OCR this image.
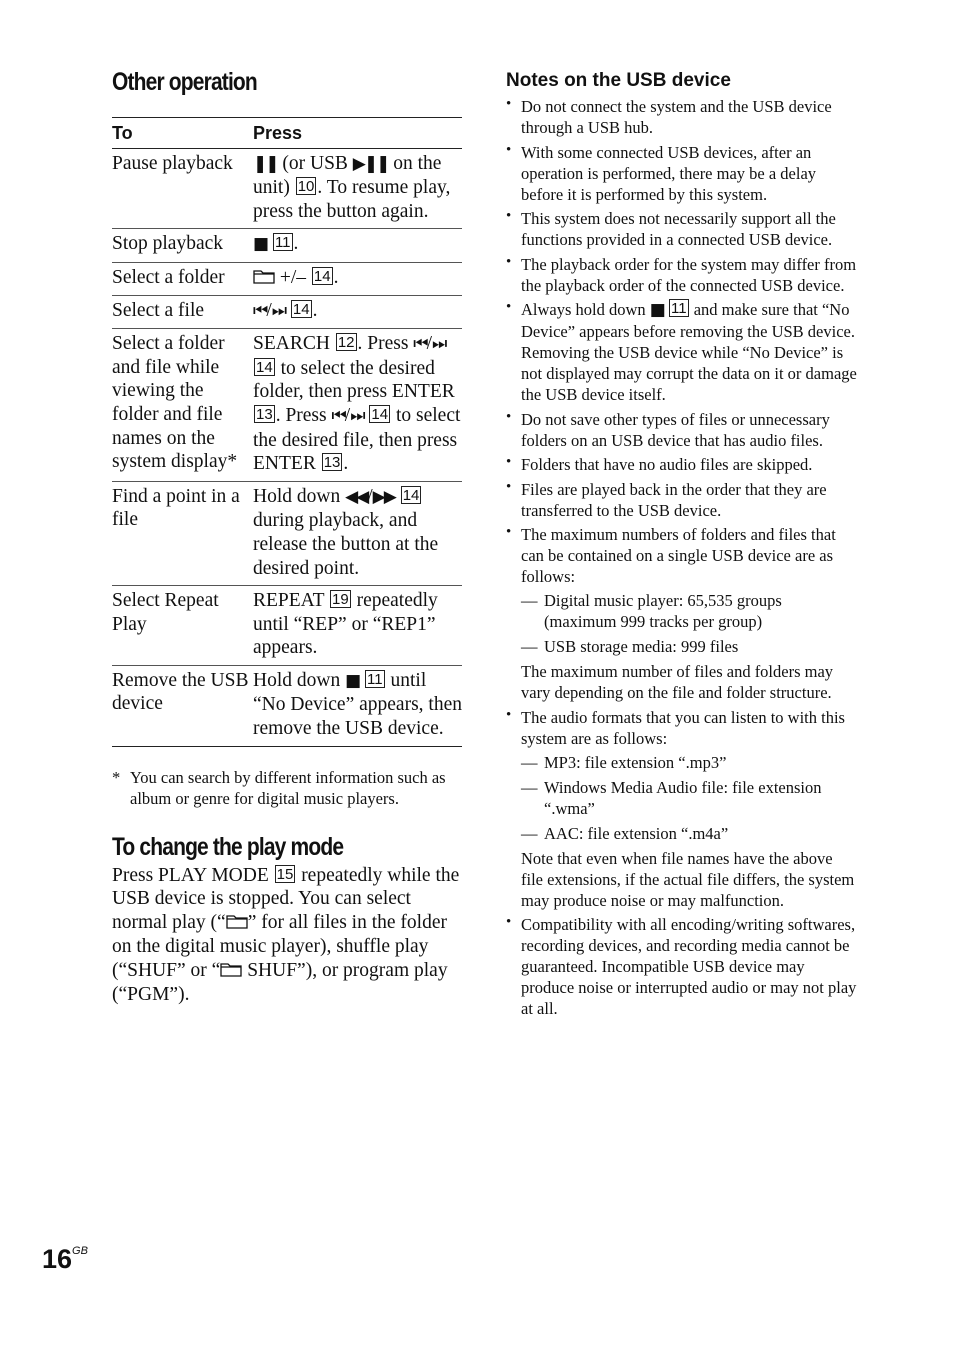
Other operation
To	Press
Pause playback	❚❚ (or USB ▶❚❚ on the unit) 10 . To resume play, press the button again.
Stop playback	■ 11 .
Select a folder	+/– 14 .
Select a file	⏮/⏭ 14 .
Select a folder and file while viewing the folder and file names on the system display*	SEARCH 12 . Press ⏮/⏭ 14 to select the desired folder, then press ENTER 13 . Press ⏮/⏭ 14 to select the desired file, then press ENTER 13 .
Find a point in a file	Hold down ◀◀/▶▶ 14 during playback, and release the button at the desired point.
Select Repeat Play	REPEAT 19 repeatedly until “REP” or “REP1” appears.
Remove the USB device	Hold down ■ 11 until “No Device” appears, then remove the USB device.
* You can search by different information such as album or genre for digital music players.
To change the play mode
Press PLAY MODE 15 repeatedly while the USB device is stopped. You can select normal play (“ ” for all files in the folder on the digital music player), shuffle play (“SHUF” or “ SHUF”), or program play (“PGM”).
Notes on the USB device
• Do not connect the system and the USB device through a USB hub.
• With some connected USB devices, after an operation is performed, there may be a delay before it is performed by this system.
• This system does not necessarily support all the functions provided in a connected USB device.
• The playback order for the system may differ from the playback order of the connected USB device.
• Always hold down ■ 11 and make sure that “No Device” appears before removing the USB device. Removing the USB device while “No Device” is not displayed may corrupt the data on it or damage the USB device itself.
• Do not save other types of files or unnecessary folders on an USB device that has audio files.
• Folders that have no audio files are skipped.
• Files are played back in the order that they are transferred to the USB device.
• The maximum numbers of folders and files that can be contained on a single USB device are as follows:
— Digital music player: 65,535 groups (maximum 999 tracks per group)
— USB storage media: 999 files
The maximum number of files and folders may vary depending on the file and folder structure.
• The audio formats that you can listen to with this system are as follows:
— MP3: file extension “.mp3”
— Windows Media Audio file: file extension “.wma”
— AAC: file extension “.m4a”
Note that even when file names have the above file extensions, if the actual file differs, the system may produce noise or may malfunction.
• Compatibility with all encoding/writing softwares, recording devices, and recording media cannot be guaranteed. Incompatible USB device may produce noise or interrupted audio or may not play at all.
$16^{GB}$
